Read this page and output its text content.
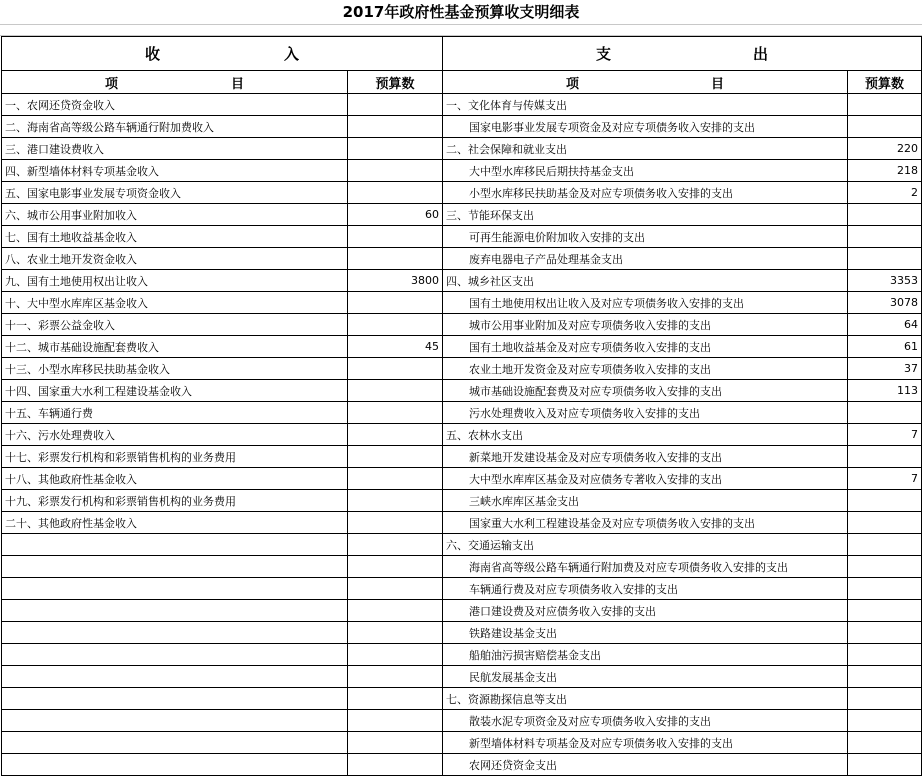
2017年政府性基金预算收支明细表
收 入		支 出	

项 目	预算数	项 目	预算数
一、农网还贷资金收入		一、文化体育与传媒支出	
二、海南省高等级公路车辆通行附加费收入		国家电影事业发展专项资金及对应专项债务收入安排的支出	
三、港口建设费收入		二、社会保障和就业支出	220
四、新型墙体材料专项基金收入		大中型水库移民后期扶持基金支出	218
五、国家电影事业发展专项资金收入		小型水库移民扶助基金及对应专项债务收入安排的支出	2
六、城市公用事业附加收入	60	三、节能环保支出	
七、国有土地收益基金收入		可再生能源电价附加收入安排的支出	
八、农业土地开发资金收入		废弃电器电子产品处理基金支出	
九、国有土地使用权出让收入	3800	四、城乡社区支出	3353
十、大中型水库库区基金收入		国有土地使用权出让收入及对应专项债务收入安排的支出	3078
十一、彩票公益金收入		城市公用事业附加及对应专项债务收入安排的支出	64
十二、城市基础设施配套费收入	45	国有土地收益基金及对应专项债务收入安排的支出	61
十三、小型水库移民扶助基金收入		农业土地开发资金及对应专项债务收入安排的支出	37
十四、国家重大水利工程建设基金收入		城市基础设施配套费及对应专项债务收入安排的支出	113
十五、车辆通行费		污水处理费收入及对应专项债务收入安排的支出	
十六、污水处理费收入		五、农林水支出	7
十七、彩票发行机构和彩票销售机构的业务费用		新菜地开发建设基金及对应专项债务收入安排的支出	
十八、其他政府性基金收入		大中型水库库区基金及对应债务专著收入安排的支出	7
十九、彩票发行机构和彩票销售机构的业务费用		三峡水库库区基金支出	
二十、其他政府性基金收入		国家重大水利工程建设基金及对应专项债务收入安排的支出	
		六、交通运输支出	
		海南省高等级公路车辆通行附加费及对应专项债务收入安排的支出	
		车辆通行费及对应专项债务收入安排的支出	
		港口建设费及对应债务收入安排的支出	
		铁路建设基金支出	
		船舶油污损害赔偿基金支出	
		民航发展基金支出	
		七、资源勘探信息等支出	
		散装水泥专项资金及对应专项债务收入安排的支出	
		新型墙体材料专项基金及对应专项债务收入安排的支出	
		农网还贷资金支出	
